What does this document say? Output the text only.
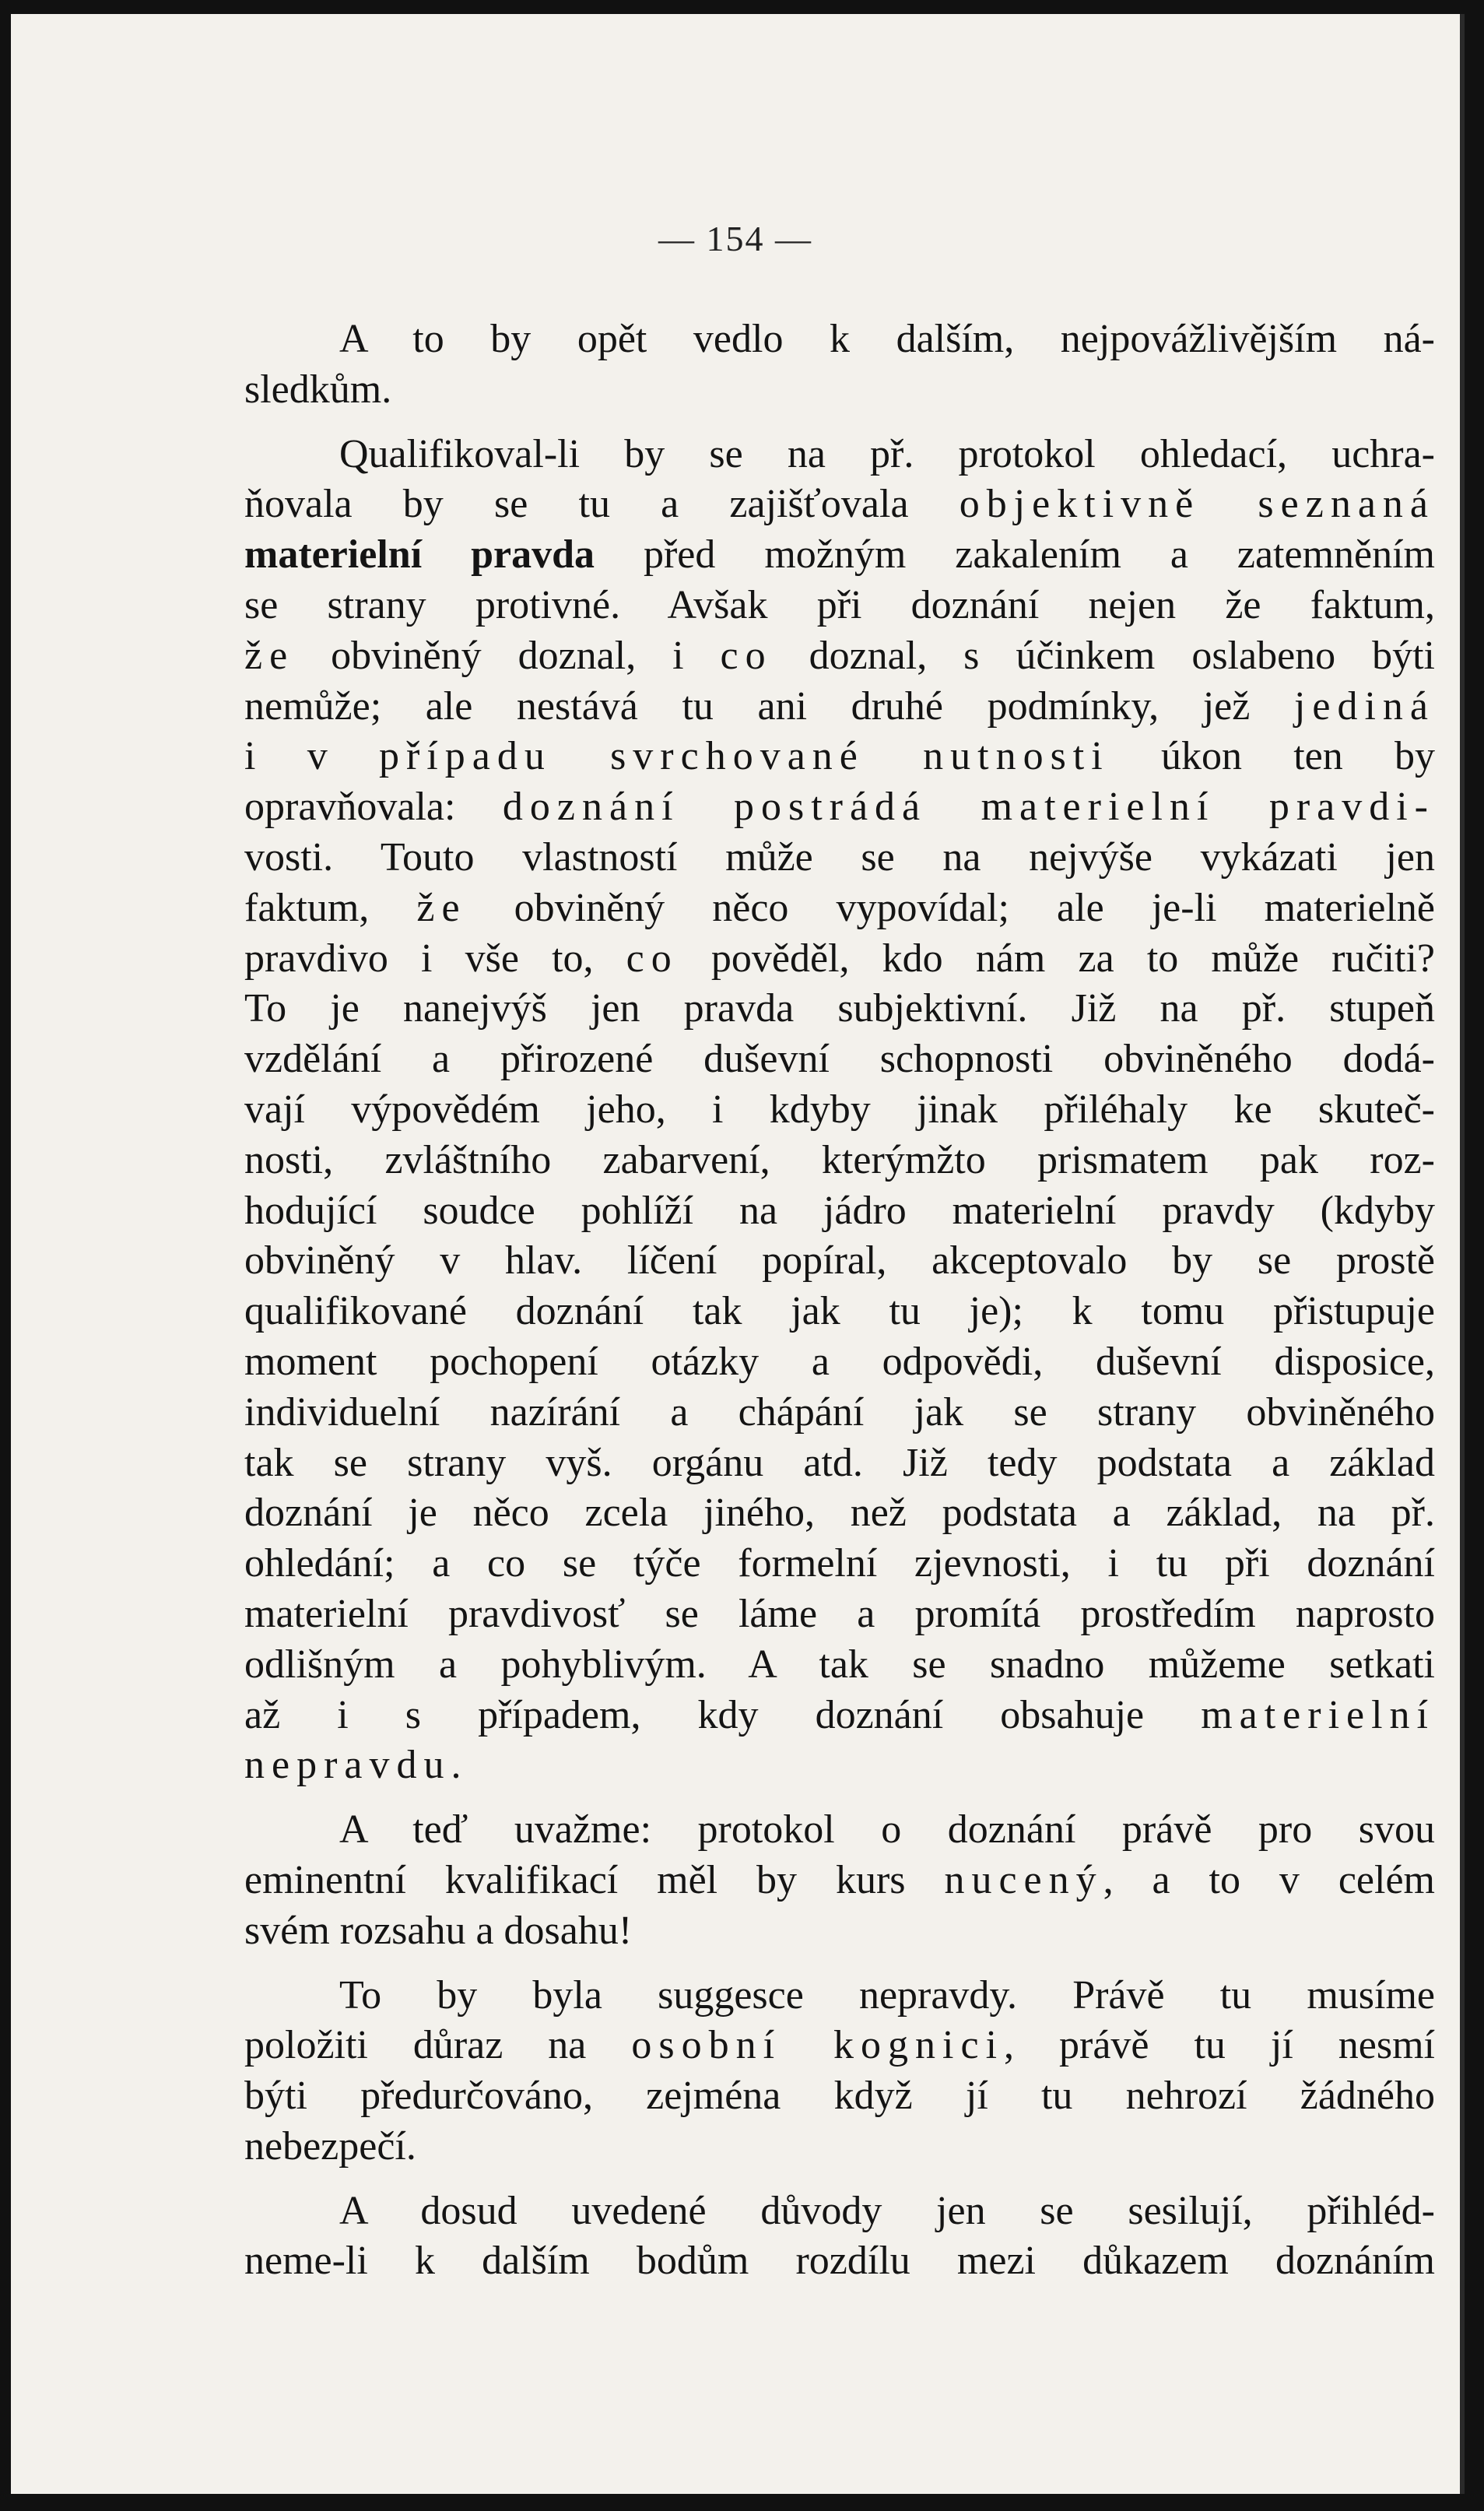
— 154 —
A to by opět vedlo k dalším, nejpovážlivějším ná-
sledkům.
Qualifikoval-li by se na př. protokol ohledací, uchra-
ňovala by se tu a zajišťovala objektivně seznaná
materielní pravda před možným zakalením a zatemněním
se strany protivné. Avšak při doznání nejen že faktum,
že obviněný doznal, i co doznal, s účinkem oslabeno býti
nemůže; ale nestává tu ani druhé podmínky, jež jediná
i v případu svrchované nutnosti úkon ten by
opravňovala: doznání postrádá materielní pravdi-
vosti. Touto vlastností může se na nejvýše vykázati jen
faktum, že obviněný něco vypovídal; ale je-li materielně
pravdivo i vše to, co pověděl, kdo nám za to může ručiti?
To je nanejvýš jen pravda subjektivní. Již na př. stupeň
vzdělání a přirozené duševní schopnosti obviněného dodá-
vají výpovědém jeho, i kdyby jinak přiléhaly ke skuteč-
nosti, zvláštního zabarvení, kterýmžto prismatem pak roz-
hodující soudce pohlíží na jádro materielní pravdy (kdyby
obviněný v hlav. líčení popíral, akceptovalo by se prostě
qualifikované doznání tak jak tu je); k tomu přistupuje
moment pochopení otázky a odpovědi, duševní disposice,
individuelní nazírání a chápání jak se strany obviněného
tak se strany vyš. orgánu atd. Již tedy podstata a základ
doznání je něco zcela jiného, než podstata a základ, na př.
ohledání; a co se týče formelní zjevnosti, i tu při doznání
materielní pravdivosť se láme a promítá prostředím naprosto
odlišným a pohyblivým. A tak se snadno můžeme setkati
až i s případem, kdy doznání obsahuje materielní
nepravdu.
A teď uvažme: protokol o doznání právě pro svou
eminentní kvalifikací měl by kurs nucený, a to v celém
svém rozsahu a dosahu!
To by byla suggesce nepravdy. Právě tu musíme
položiti důraz na osobní kognici, právě tu jí nesmí
býti předurčováno, zejména když jí tu nehrozí žádného
nebezpečí.
A dosud uvedené důvody jen se sesilují, přihléd-
neme-li k dalším bodům rozdílu mezi důkazem doznáním
